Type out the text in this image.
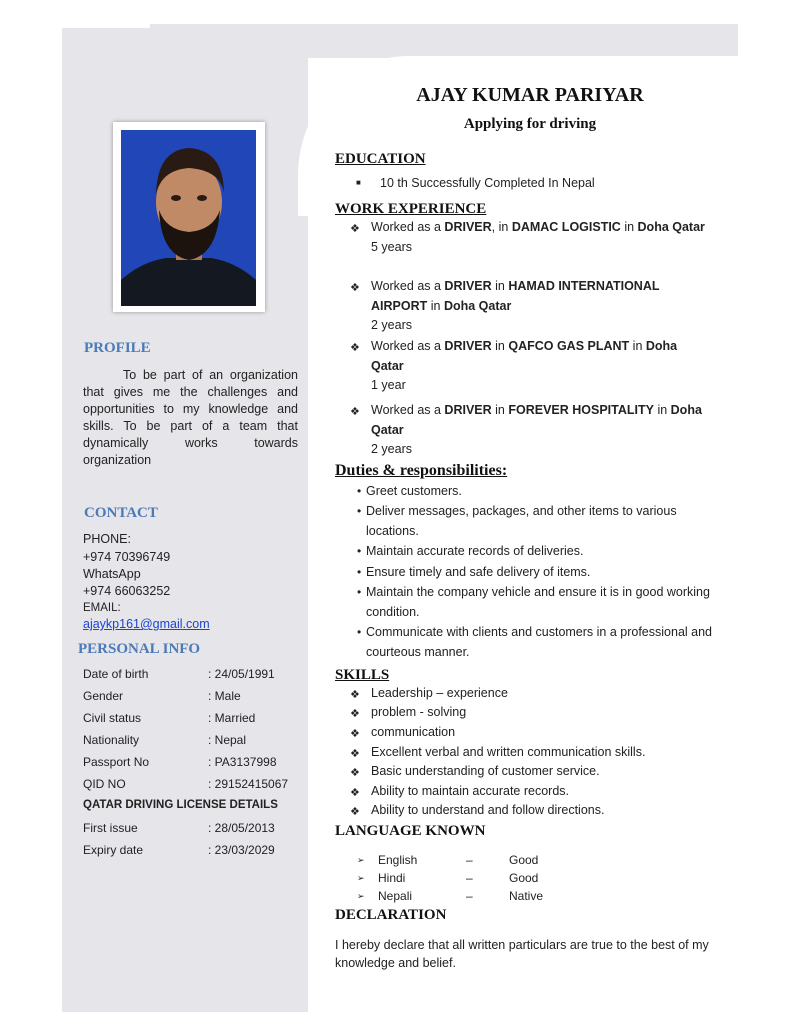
PROFILE
To be part of an organization that gives me the challenges and opportunities to my knowledge and skills. To be part of a team that dynamically works towards organization
CONTACT
PHONE:
+974 70396749
WhatsApp
+974 66063252
EMAIL:
ajaykp161@gmail.com
PERSONAL INFO
Date of birth	: 24/05/1991
Gender	: Male
Civil status	: Married
Nationality	: Nepal
Passport No	: PA3137998
QID NO	: 29152415067
QATAR DRIVING LICENSE DETAILS
First issue	: 28/05/2013
Expiry date	: 23/03/2029
AJAY KUMAR PARIYAR
Applying for driving
EDUCATION
■ 10 th Successfully Completed In Nepal
WORK EXPERIENCE
❖ Worked as a DRIVER, in DAMAC LOGISTIC in Doha Qatar
5 years
❖ Worked as a DRIVER in HAMAD INTERNATIONAL AIRPORT in Doha Qatar
2 years
❖ Worked as a DRIVER in QAFCO GAS PLANT in Doha Qatar
1 year
❖ Worked as a DRIVER in FOREVER HOSPITALITY in Doha Qatar
2 years
Duties & responsibilities:
• Greet customers.
• Deliver messages, packages, and other items to various locations.
• Maintain accurate records of deliveries.
• Ensure timely and safe delivery of items.
• Maintain the company vehicle and ensure it is in good working condition.
• Communicate with clients and customers in a professional and courteous manner.
SKILLS
❖ Leadership – experience
❖ problem - solving
❖ communication
❖ Excellent verbal and written communication skills.
❖ Basic understanding of customer service.
❖ Ability to maintain accurate records.
❖ Ability to understand and follow directions.
LANGUAGE KNOWN
➢ English	–	Good
➢ Hindi	–	Good
➢ Nepali	–	Native
DECLARATION
I hereby declare that all written particulars are true to the best of my knowledge and belief.
